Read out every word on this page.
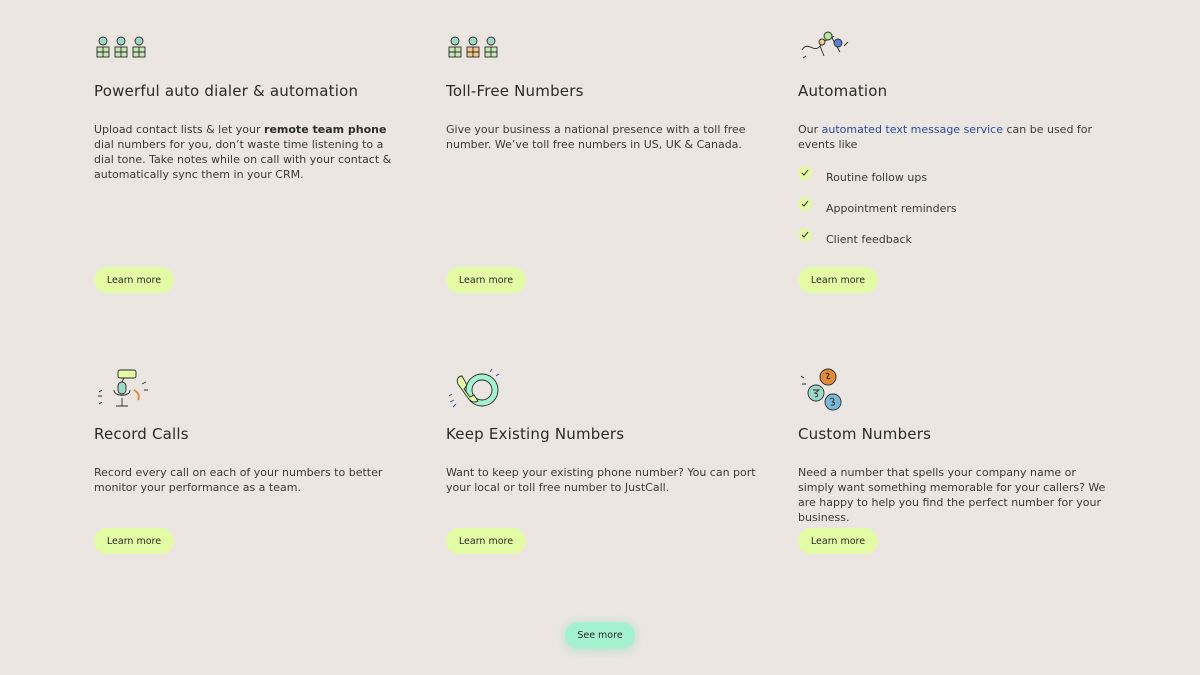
Powerful auto dialer & automation

Upload contact lists & let your remote team phone dial numbers for you, don’t waste time listening to a dial tone. Take notes while on call with your contact & automatically sync them in your CRM.

Learn more
Toll-Free Numbers

Give your business a national presence with a toll free number. We’ve toll free numbers in US, UK & Canada.

Learn more
Automation

Our automated text message service can be used for events like

Routine follow ups
Appointment reminders
Client feedback
Learn more
Record Calls

Record every call on each of your numbers to better monitor your performance as a team.

Learn more
Keep Existing Numbers

Want to keep your existing phone number? You can port your local or toll free number to JustCall.

Learn more
Custom Numbers

Need a number that spells your company name or simply want something memorable for your callers? We are happy to help you find the perfect number for your business.

Learn more
See more
